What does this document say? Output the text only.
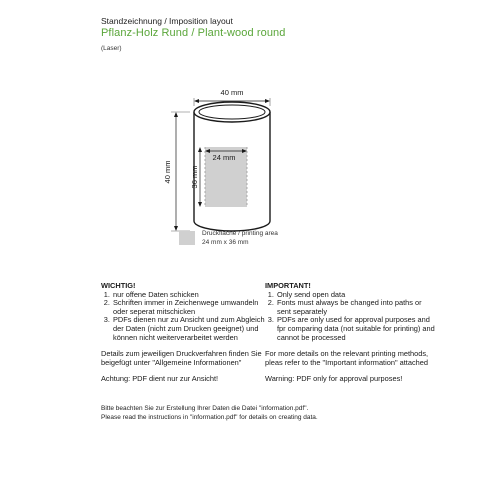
Standzeichnung / Imposition layout
Pflanz-Holz Rund / Plant-wood round
(Laser)
40 mm
40 mm
24 mm
36 mm
Druckfläche / printing area
24 mm x 36 mm
WICHTIG!
1. nur offene Daten schicken
2. Schriften immer in Zeichenwege umwandeln oder seperat mitschicken
3. PDFs dienen nur zu Ansicht und zum Abgleich der Daten (nicht zum Drucken geeignet) und können nicht weiterverarbeitet werden

Details zum jeweiligen Druckverfahren finden Sie beigefügt unter "Allgemeine Informationen"

Achtung: PDF dient nur zur Ansicht!

IMPORTANT!
1. Only send open data
2. Fonts must always be changed into paths or sent separately
3. PDFs are only used for approval purposes and fpr comparing data (not suitable for printing) and cannot be processed

For more details on the relevant printing methods, pleas refer to the "Important information" attached

Warning: PDF only for approval purposes!

Bitte beachten Sie zur Erstellung Ihrer Daten die Datei "information.pdf".
Please read the instructions in "information.pdf" for details on creating data.
